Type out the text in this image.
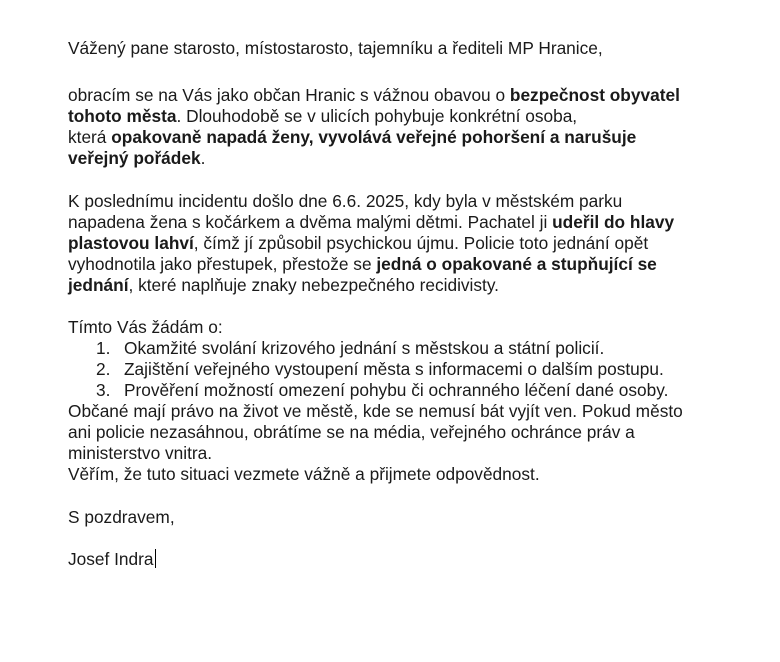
Vážený pane starosto, místostarosto, tajemníku a řediteli MP Hranice,
obracím se na Vás jako občan Hranic s vážnou obavou o bezpečnost obyvatel
tohoto města. Dlouhodobě se v ulicích pohybuje konkrétní osoba,
která opakovaně napadá ženy, vyvolává veřejné pohoršení a narušuje
veřejný pořádek.
K poslednímu incidentu došlo dne 6.6. 2025, kdy byla v městském parku
napadena žena s kočárkem a dvěma malými dětmi. Pachatel ji udeřil do hlavy
plastovou lahví, čímž jí způsobil psychickou újmu. Policie toto jednání opět
vyhodnotila jako přestupek, přestože se jedná o opakované a stupňující se
jednání, které naplňuje znaky nebezpečného recidivisty.
Tímto Vás žádám o:
1. Okamžité svolání krizového jednání s městskou a státní policií.
2. Zajištění veřejného vystoupení města s informacemi o dalším postupu.
3. Prověření možností omezení pohybu či ochranného léčení dané osoby.
Občané mají právo na život ve městě, kde se nemusí bát vyjít ven. Pokud město
ani policie nezasáhnou, obrátíme se na média, veřejného ochránce práv a
ministerstvo vnitra.
Věřím, že tuto situaci vezmete vážně a přijmete odpovědnost.
S pozdravem,
Josef Indra
